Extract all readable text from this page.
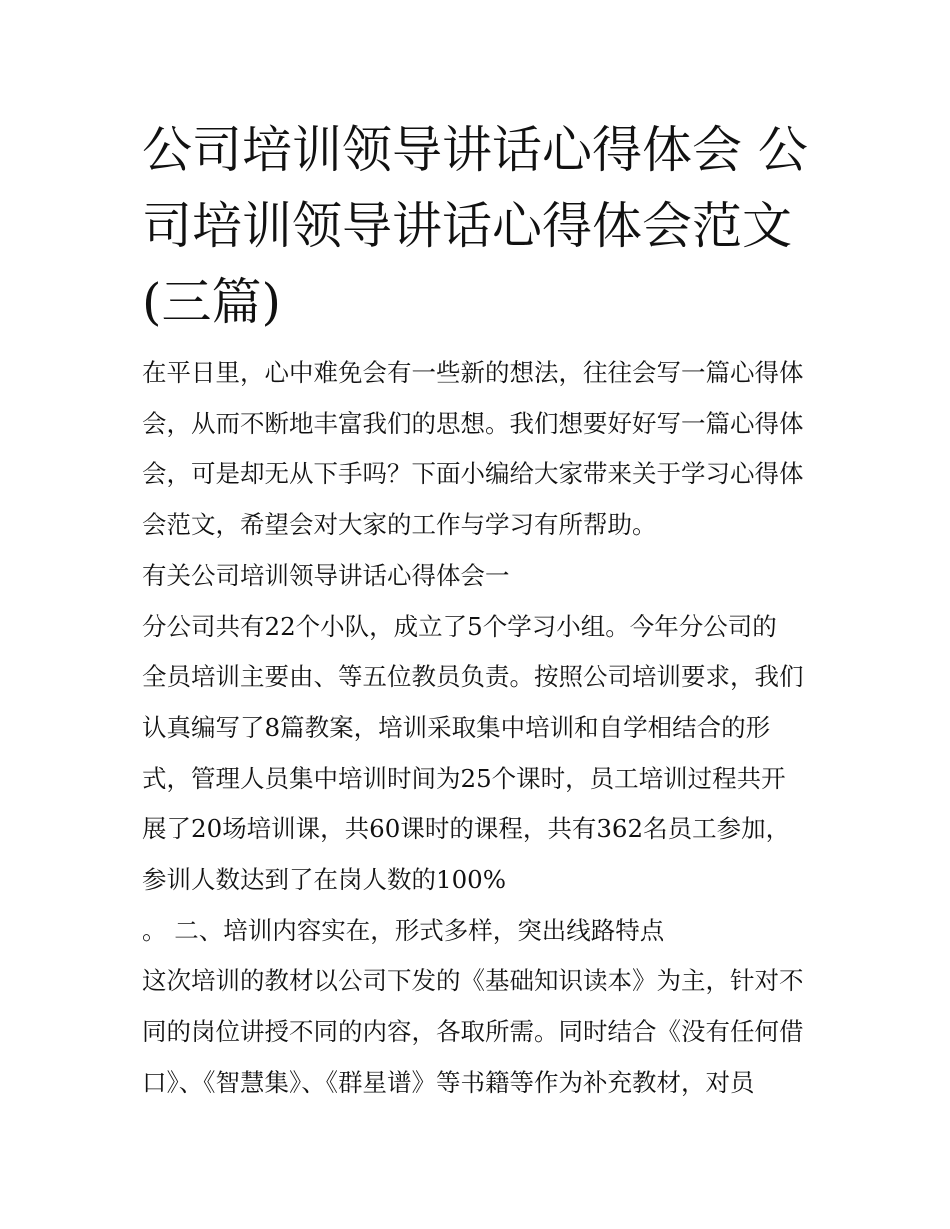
公司培训领导讲话心得体会 公
司培训领导讲话心得体会范文
(三篇)
在平日里，心中难免会有一些新的想法，往往会写一篇心得体
会，从而不断地丰富我们的思想。我们想要好好写一篇心得体
会，可是却无从下手吗？下面小编给大家带来关于学习心得体
会范文，希望会对大家的工作与学习有所帮助。
有关公司培训领导讲话心得体会一
分公司共有22个小队，成立了5个学习小组。今年分公司的
全员培训主要由、等五位教员负责。按照公司培训要求，我们
认真编写了8篇教案，培训采取集中培训和自学相结合的形
式，管理人员集中培训时间为25个课时，员工培训过程共开
展了20场培训课，共60课时的课程，共有362名员工参加，
参训人数达到了在岗人数的100%
。 二、培训内容实在，形式多样，突出线路特点
这次培训的教材以公司下发的《基础知识读本》为主，针对不
同的岗位讲授不同的内容，各取所需。同时结合《没有任何借
口》、《智慧集》、《群星谱》等书籍等作为补充教材，对员
